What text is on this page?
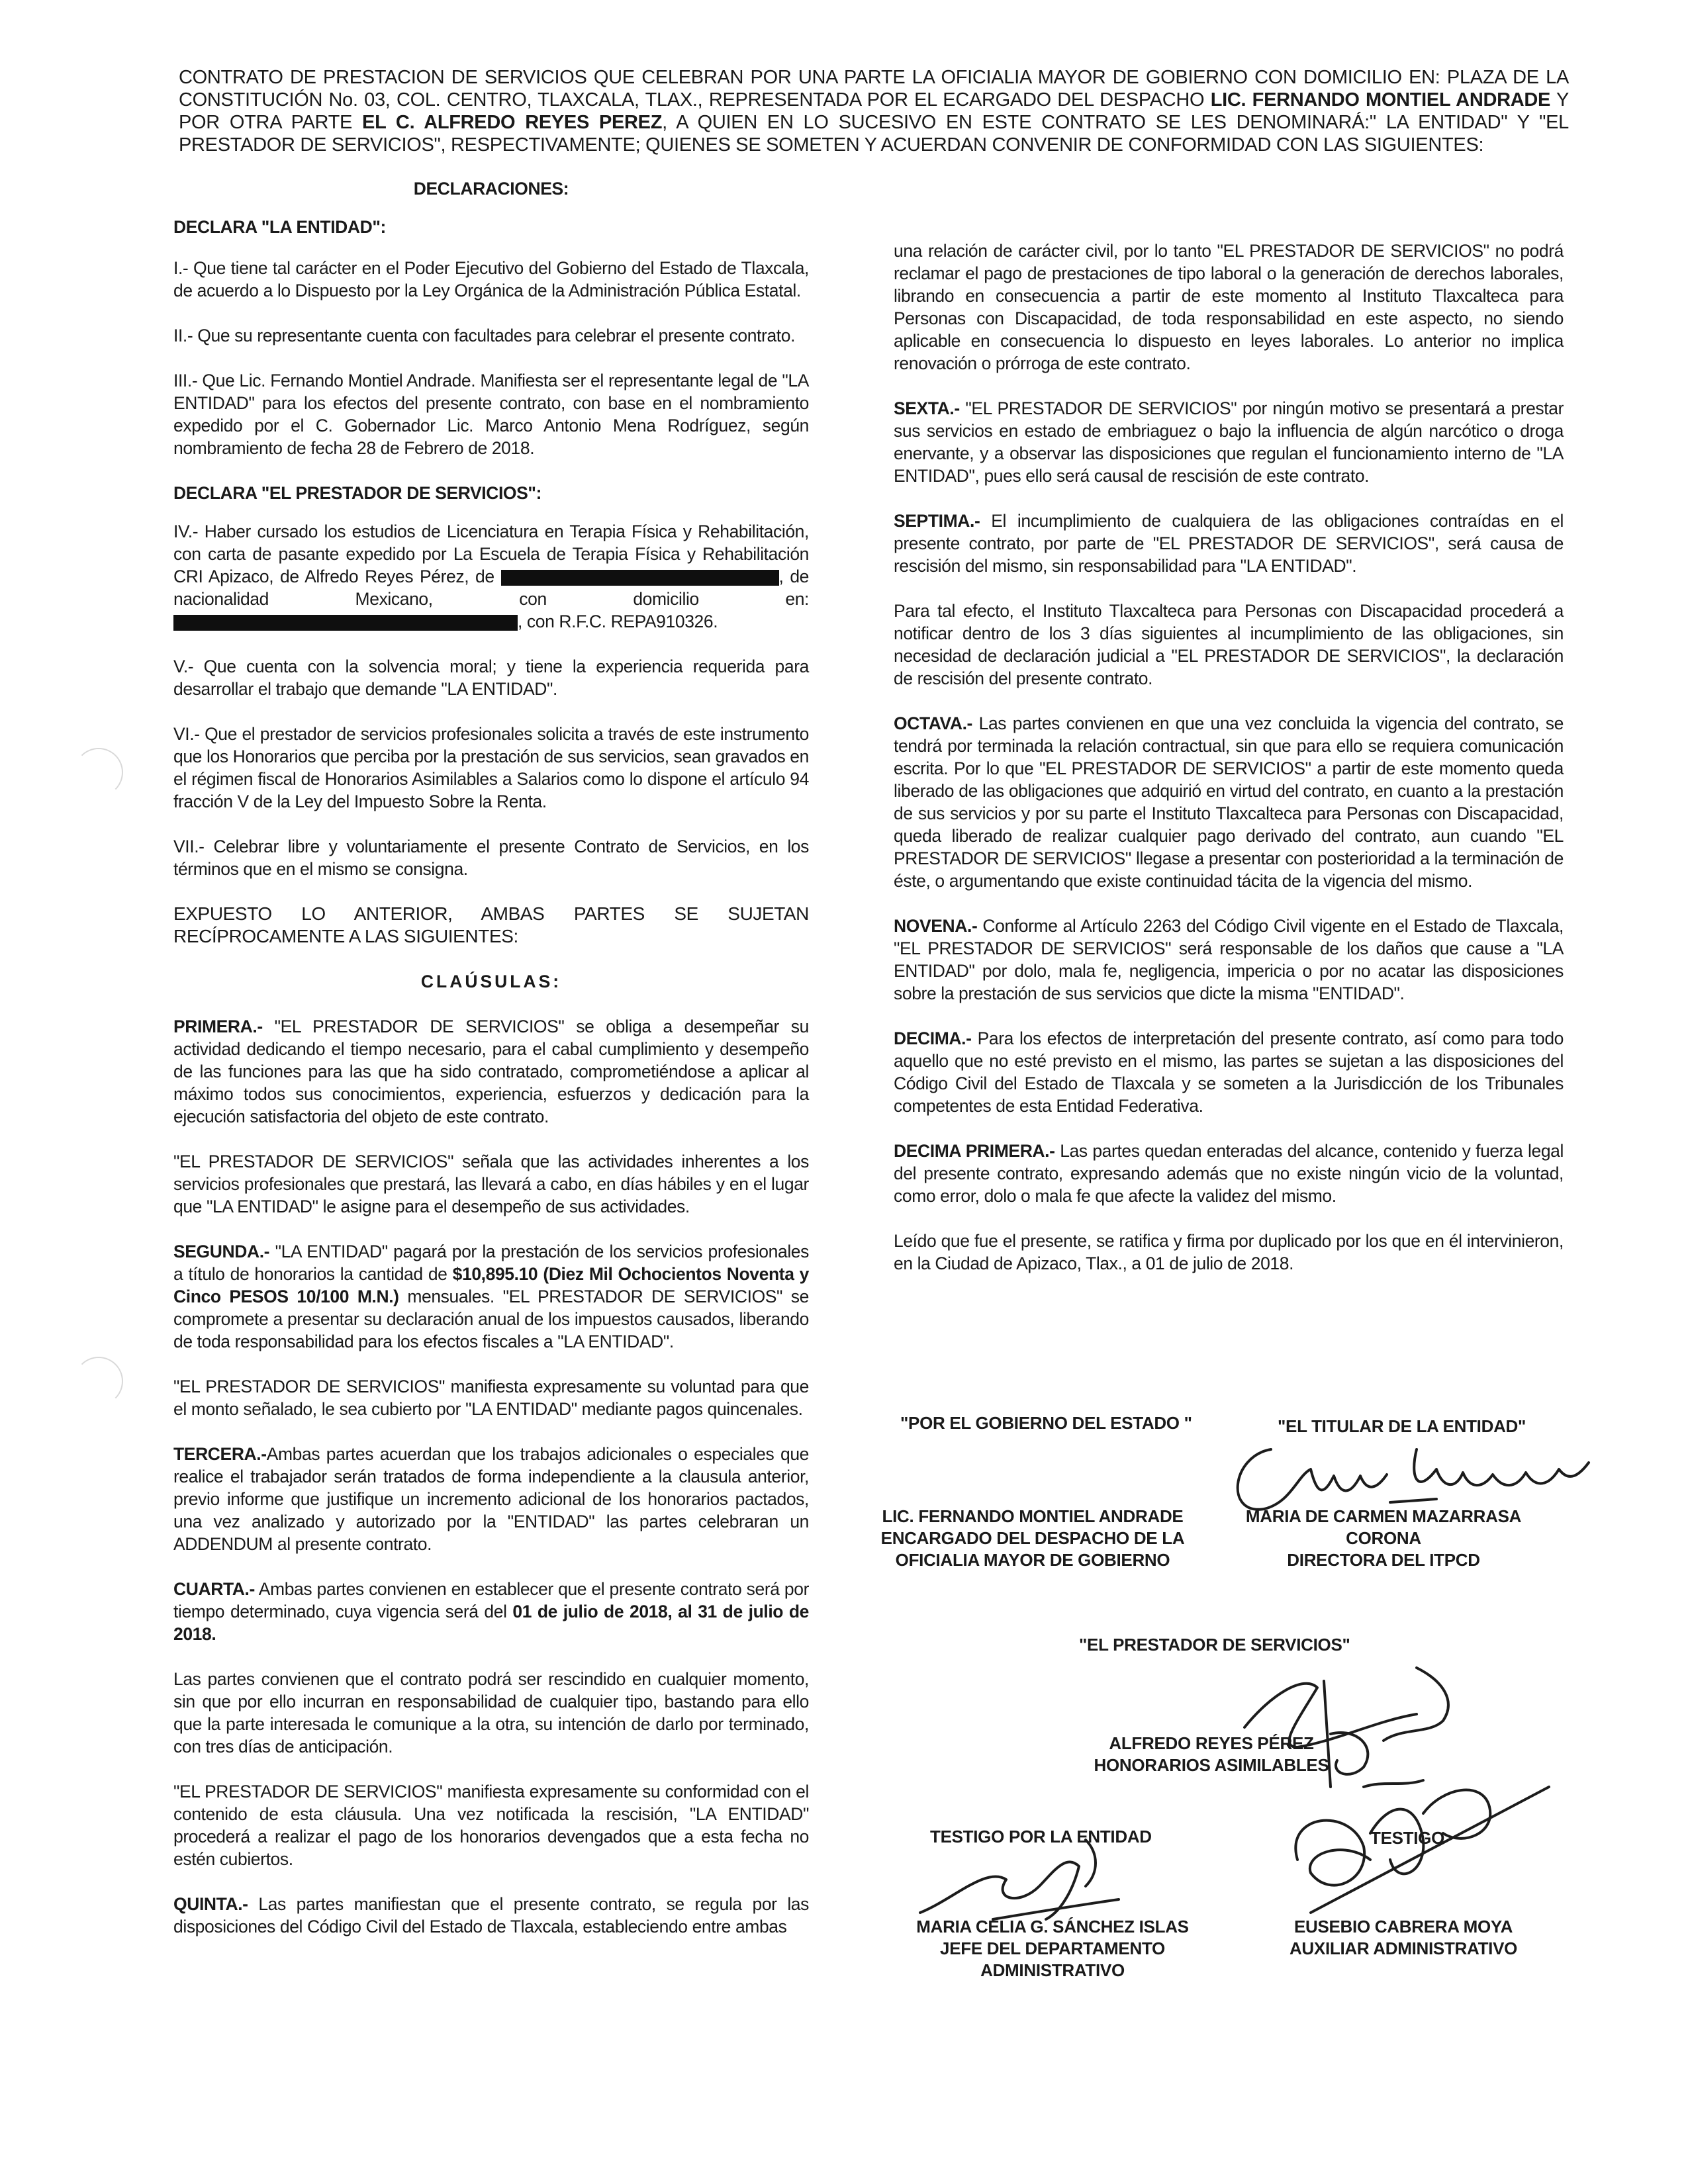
CONTRATO DE PRESTACION DE SERVICIOS QUE CELEBRAN POR UNA PARTE LA OFICIALIA MAYOR DE GOBIERNO CON DOMICILIO EN: PLAZA DE LA CONSTITUCIÓN No. 03, COL. CENTRO, TLAXCALA, TLAX., REPRESENTADA POR EL ECARGADO DEL DESPACHO LIC. FERNANDO MONTIEL ANDRADE Y POR OTRA PARTE EL C. ALFREDO REYES PEREZ, A QUIEN EN LO SUCESIVO EN ESTE CONTRATO SE LES DENOMINARÁ:" LA ENTIDAD" Y "EL PRESTADOR DE SERVICIOS", RESPECTIVAMENTE; QUIENES SE SOMETEN Y ACUERDAN CONVENIR DE CONFORMIDAD CON LAS SIGUIENTES:

DECLARACIONES:

DECLARA "LA ENTIDAD":

I.- Que tiene tal carácter en el Poder Ejecutivo del Gobierno del Estado de Tlaxcala, de acuerdo a lo Dispuesto por la Ley Orgánica de la Administración Pública Estatal.

II.- Que su representante cuenta con facultades para celebrar el presente contrato.

III.- Que Lic. Fernando Montiel Andrade. Manifiesta ser el representante legal de "LA ENTIDAD" para los efectos del presente contrato, con base en el nombramiento expedido por el C. Gobernador Lic. Marco Antonio Mena Rodríguez, según nombramiento de fecha 28 de Febrero de 2018.

DECLARA "EL PRESTADOR DE SERVICIOS":

IV.- Haber cursado los estudios de Licenciatura en Terapia Física y Rehabilitación, con carta de pasante expedido por La Escuela de Terapia Física y Rehabilitación CRI Apizaco, de Alfredo Reyes Pérez, de	, de nacionalidad Mexicano, con domicilio en: , con R.F.C. REPA910326.

V.- Que cuenta con la solvencia moral; y tiene la experiencia requerida para desarrollar el trabajo que demande "LA ENTIDAD".

VI.- Que el prestador de servicios profesionales solicita a través de este instrumento que los Honorarios que perciba por la prestación de sus servicios, sean gravados en el régimen fiscal de Honorarios Asimilables a Salarios como lo dispone el artículo 94 fracción V de la Ley del Impuesto Sobre la Renta.

VII.- Celebrar libre y voluntariamente el presente Contrato de Servicios, en los términos que en el mismo se consigna.

EXPUESTO LO ANTERIOR, AMBAS PARTES SE SUJETAN RECÍPROCAMENTE A LAS SIGUIENTES:

CLAÚSULAS:

PRIMERA.- "EL PRESTADOR DE SERVICIOS" se obliga a desempeñar su actividad dedicando el tiempo necesario, para el cabal cumplimiento y desempeño de las funciones para las que ha sido contratado, comprometiéndose a aplicar al máximo todos sus conocimientos, experiencia, esfuerzos y dedicación para la ejecución satisfactoria del objeto de este contrato.

"EL PRESTADOR DE SERVICIOS" señala que las actividades inherentes a los servicios profesionales que prestará, las llevará a cabo, en días hábiles y en el lugar que "LA ENTIDAD" le asigne para el desempeño de sus actividades.

SEGUNDA.- "LA ENTIDAD" pagará por la prestación de los servicios profesionales a título de honorarios la cantidad de $10,895.10 (Diez Mil Ochocientos Noventa y Cinco PESOS 10/100 M.N.) mensuales. "EL PRESTADOR DE SERVICIOS" se compromete a presentar su declaración anual de los impuestos causados, liberando de toda responsabilidad para los efectos fiscales a "LA ENTIDAD".

"EL PRESTADOR DE SERVICIOS" manifiesta expresamente su voluntad para que el monto señalado, le sea cubierto por "LA ENTIDAD" mediante pagos quincenales.

TERCERA.-Ambas partes acuerdan que los trabajos adicionales o especiales que realice el trabajador serán tratados de forma independiente a la clausula anterior, previo informe que justifique un incremento adicional de los honorarios pactados, una vez analizado y autorizado por la "ENTIDAD" las partes celebraran un ADDENDUM al presente contrato.

CUARTA.- Ambas partes convienen en establecer que el presente contrato será por tiempo determinado, cuya vigencia será del 01 de julio de 2018, al 31 de julio de 2018.

Las partes convienen que el contrato podrá ser rescindido en cualquier momento, sin que por ello incurran en responsabilidad de cualquier tipo, bastando para ello que la parte interesada le comunique a la otra, su intención de darlo por terminado, con tres días de anticipación.

"EL PRESTADOR DE SERVICIOS" manifiesta expresamente su conformidad con el contenido de esta cláusula. Una vez notificada la rescisión, "LA ENTIDAD" procederá a realizar el pago de los honorarios devengados que a esta fecha no estén cubiertos.

QUINTA.- Las partes manifiestan que el presente contrato, se regula por las disposiciones del Código Civil del Estado de Tlaxcala, estableciendo entre ambas

una relación de carácter civil, por lo tanto "EL PRESTADOR DE SERVICIOS" no podrá reclamar el pago de prestaciones de tipo laboral o la generación de derechos laborales, librando en consecuencia a partir de este momento al Instituto Tlaxcalteca para Personas con Discapacidad, de toda responsabilidad en este aspecto, no siendo aplicable en consecuencia lo dispuesto en leyes laborales. Lo anterior no implica renovación o prórroga de este contrato.

SEXTA.- "EL PRESTADOR DE SERVICIOS" por ningún motivo se presentará a prestar sus servicios en estado de embriaguez o bajo la influencia de algún narcótico o droga enervante, y a observar las disposiciones que regulan el funcionamiento interno de "LA ENTIDAD", pues ello será causal de rescisión de este contrato.

SEPTIMA.- El incumplimiento de cualquiera de las obligaciones contraídas en el presente contrato, por parte de "EL PRESTADOR DE SERVICIOS", será causa de rescisión del mismo, sin responsabilidad para "LA ENTIDAD".

Para tal efecto, el Instituto Tlaxcalteca para Personas con Discapacidad procederá a notificar dentro de los 3 días siguientes al incumplimiento de las obligaciones, sin necesidad de declaración judicial a "EL PRESTADOR DE SERVICIOS", la declaración de rescisión del presente contrato.

OCTAVA.- Las partes convienen en que una vez concluida la vigencia del contrato, se tendrá por terminada la relación contractual, sin que para ello se requiera comunicación escrita. Por lo que "EL PRESTADOR DE SERVICIOS" a partir de este momento queda liberado de las obligaciones que adquirió en virtud del contrato, en cuanto a la prestación de sus servicios y por su parte el Instituto Tlaxcalteca para Personas con Discapacidad, queda liberado de realizar cualquier pago derivado del contrato, aun cuando "EL PRESTADOR DE SERVICIOS" llegase a presentar con posterioridad a la terminación de éste, o argumentando que existe continuidad tácita de la vigencia del mismo.

NOVENA.- Conforme al Artículo 2263 del Código Civil vigente en el Estado de Tlaxcala, "EL PRESTADOR DE SERVICIOS" será responsable de los daños que cause a "LA ENTIDAD" por dolo, mala fe, negligencia, impericia o por no acatar las disposiciones sobre la prestación de sus servicios que dicte la misma "ENTIDAD".

DECIMA.- Para los efectos de interpretación del presente contrato, así como para todo aquello que no esté previsto en el mismo, las partes se sujetan a las disposiciones del Código Civil del Estado de Tlaxcala y se someten a la Jurisdicción de los Tribunales competentes de esta Entidad Federativa.

DECIMA PRIMERA.- Las partes quedan enteradas del alcance, contenido y fuerza legal del presente contrato, expresando además que no existe ningún vicio de la voluntad, como error, dolo o mala fe que afecte la validez del mismo.

Leído que fue el presente, se ratifica y firma por duplicado por los que en él intervinieron, en la Ciudad de Apizaco, Tlax., a 01 de julio de 2018.

"POR EL GOBIERNO DEL ESTADO "	"EL TITULAR DE LA ENTIDAD"
LIC. FERNANDO MONTIEL ANDRADE
ENCARGADO DEL DESPACHO DE LA
OFICIALIA MAYOR DE GOBIERNO
MARIA DE CARMEN MAZARRASA
CORONA
DIRECTORA DEL ITPCD
"EL PRESTADOR DE SERVICIOS"
ALFREDO REYES PÉREZ
HONORARIOS ASIMILABLES
TESTIGO POR LA ENTIDAD	TESTIGO
MARIA CELIA G. SÁNCHEZ ISLAS
JEFE DEL DEPARTAMENTO
ADMINISTRATIVO
EUSEBIO CABRERA MOYA
AUXILIAR ADMINISTRATIVO
